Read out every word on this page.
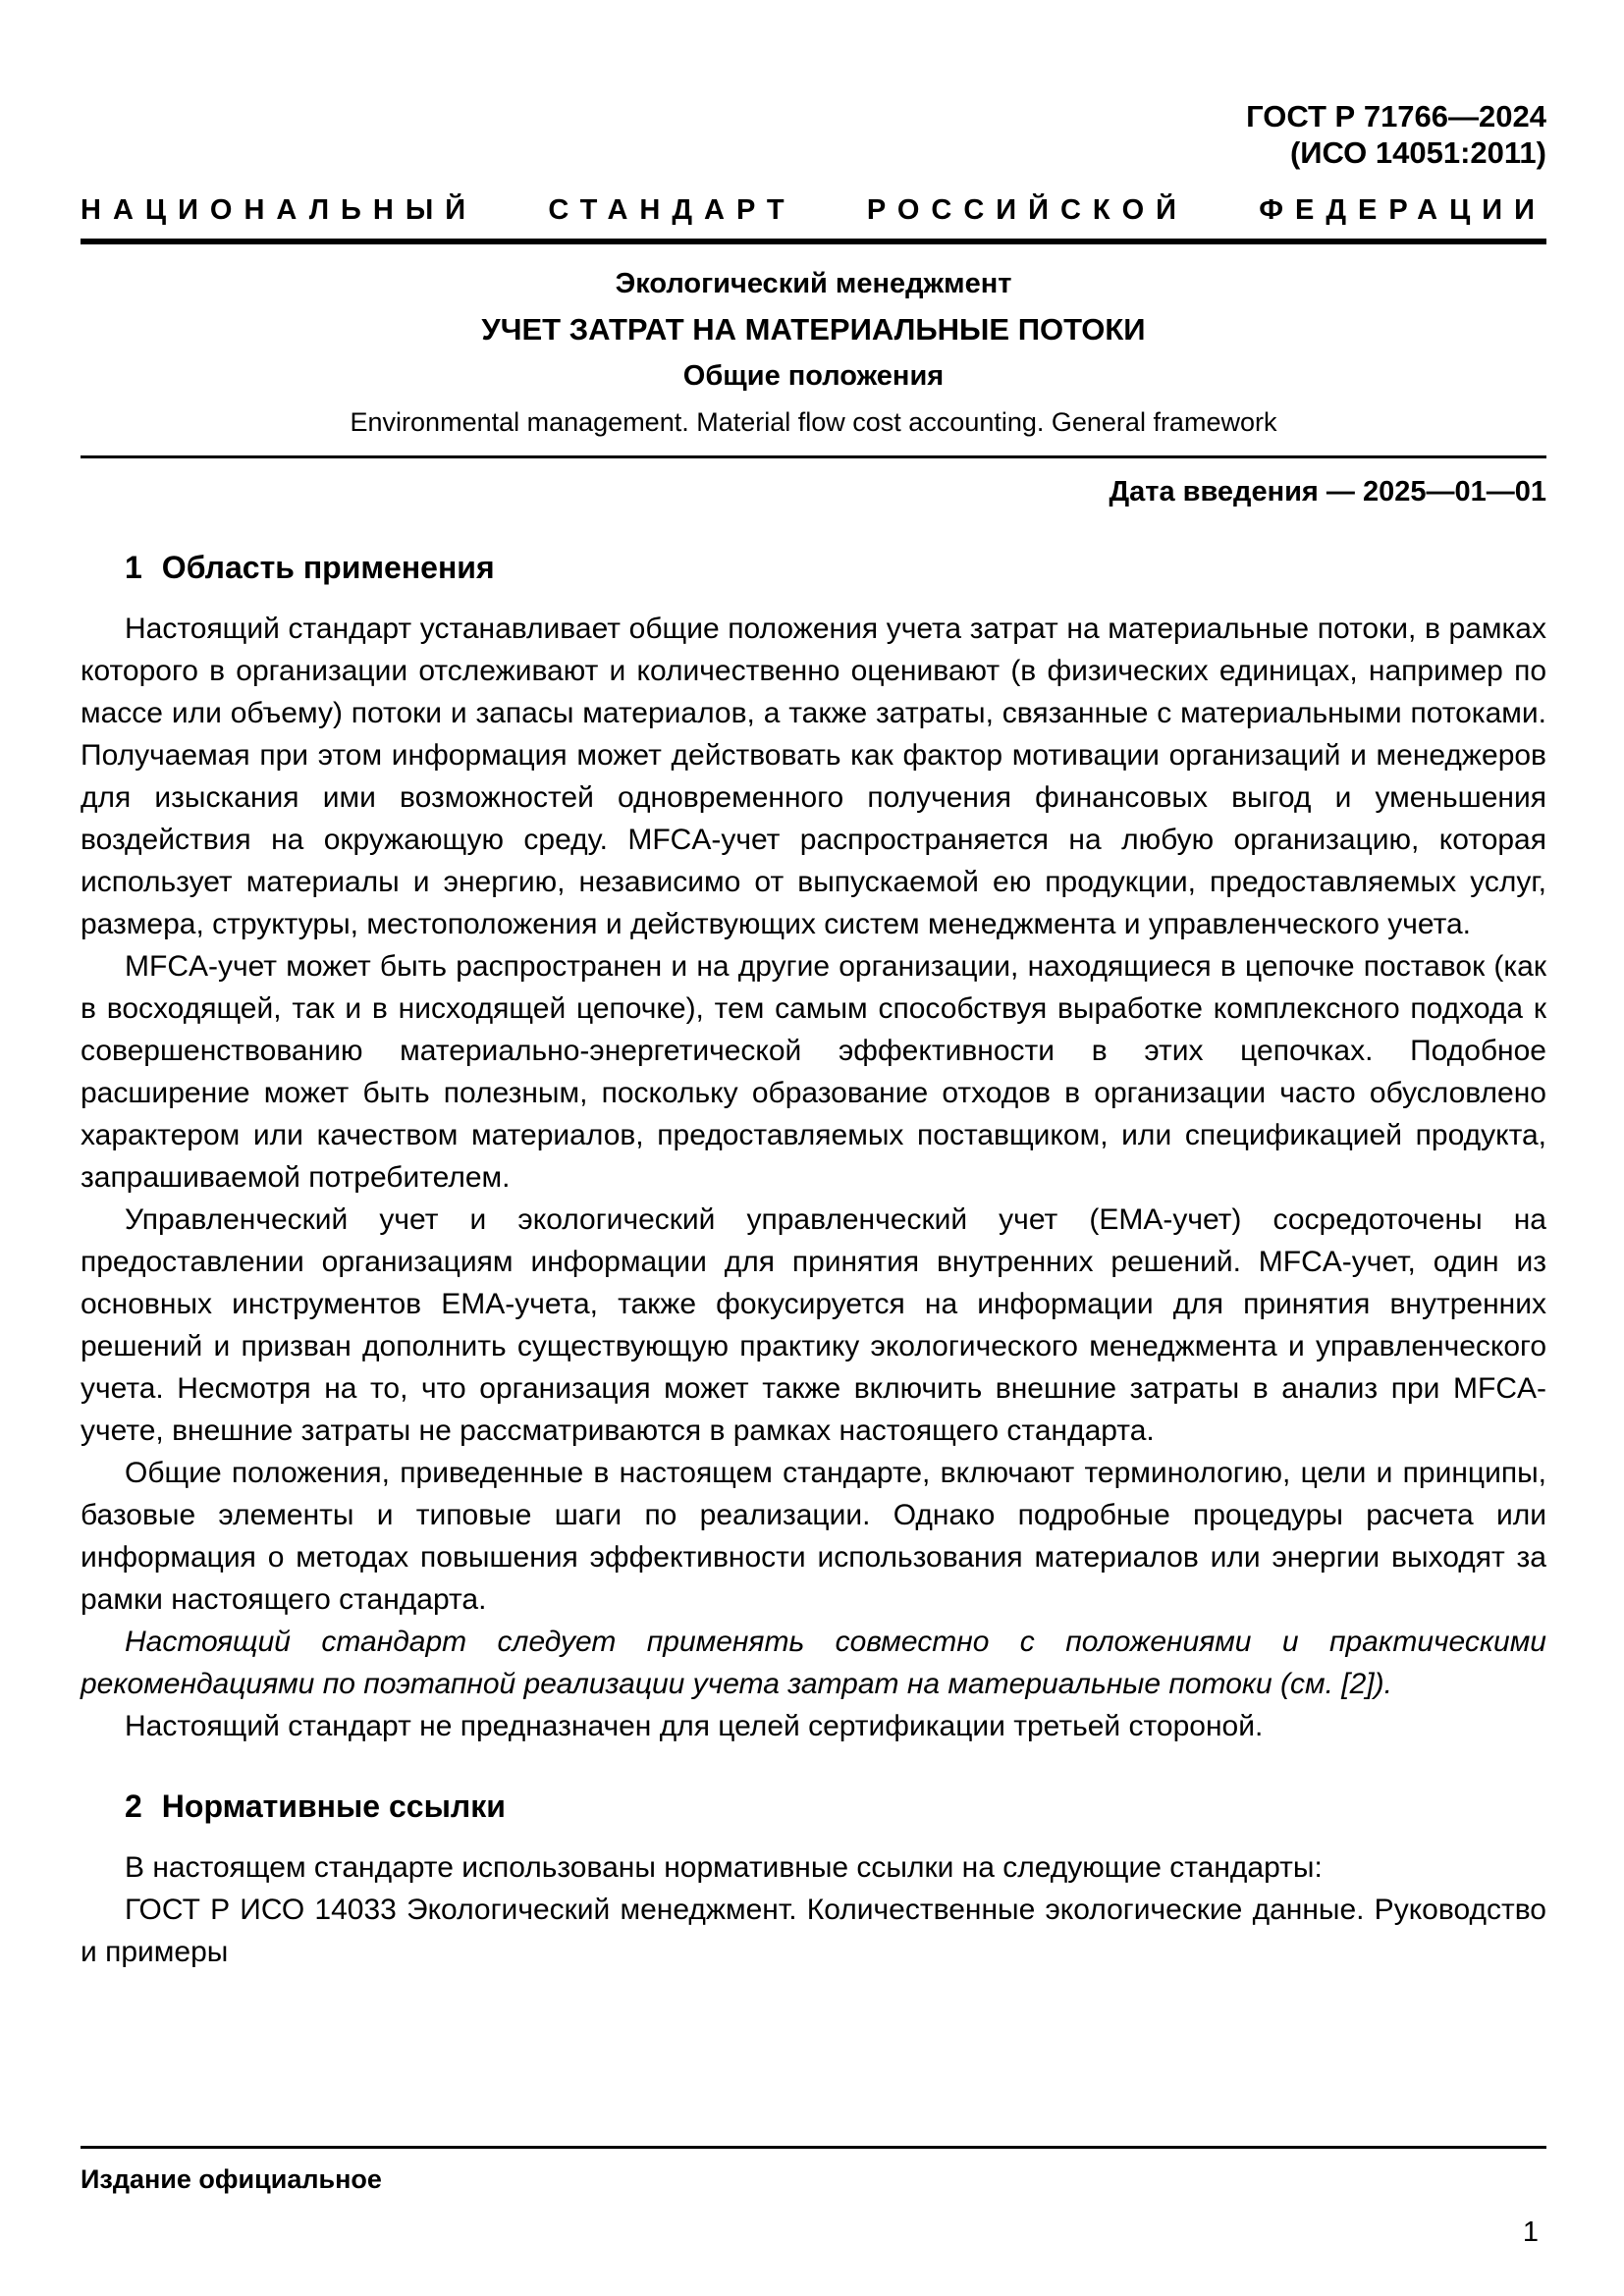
ГОСТ Р 71766—2024
(ИСО 14051:2011)
НАЦИОНАЛЬНЫЙ СТАНДАРТ РОССИЙСКОЙ ФЕДЕРАЦИИ
Экологический менеджмент
УЧЕТ ЗАТРАТ НА МАТЕРИАЛЬНЫЕ ПОТОКИ
Общие положения
Environmental management. Material flow cost accounting. General framework
Дата введения — 2025—01—01
1 Область применения

Настоящий стандарт устанавливает общие положения учета затрат на материальные потоки, в рамках которого в организации отслеживают и количественно оценивают (в физических единицах, например по массе или объему) потоки и запасы материалов, а также затраты, связанные с материальными потоками. Получаемая при этом информация может действовать как фактор мотивации организаций и менеджеров для изыскания ими возможностей одновременного получения финансовых выгод и уменьшения воздействия на окружающую среду. MFCA-учет распространяется на любую организацию, которая использует материалы и энергию, независимо от выпускаемой ею продукции, предоставляемых услуг, размера, структуры, местоположения и действующих систем менеджмента и управленческого учета.

MFCA-учет может быть распространен и на другие организации, находящиеся в цепочке поставок (как в восходящей, так и в нисходящей цепочке), тем самым способствуя выработке комплексного подхода к совершенствованию материально-энергетической эффективности в этих цепочках. Подобное расширение может быть полезным, поскольку образование отходов в организации часто обусловлено характером или качеством материалов, предоставляемых поставщиком, или спецификацией продукта, запрашиваемой потребителем.

Управленческий учет и экологический управленческий учет (EMA-учет) сосредоточены на предоставлении организациям информации для принятия внутренних решений. MFCA-учет, один из основных инструментов EMA-учета, также фокусируется на информации для принятия внутренних решений и призван дополнить существующую практику экологического менеджмента и управленческого учета. Несмотря на то, что организация может также включить внешние затраты в анализ при MFCA-учете, внешние затраты не рассматриваются в рамках настоящего стандарта.

Общие положения, приведенные в настоящем стандарте, включают терминологию, цели и принципы, базовые элементы и типовые шаги по реализации. Однако подробные процедуры расчета или информация о методах повышения эффективности использования материалов или энергии выходят за рамки настоящего стандарта.

Настоящий стандарт следует применять совместно с положениями и практическими рекомендациями по поэтапной реализации учета затрат на материальные потоки (см. [2]).

Настоящий стандарт не предназначен для целей сертификации третьей стороной.

2 Нормативные ссылки

В настоящем стандарте использованы нормативные ссылки на следующие стандарты:

ГОСТ Р ИСО 14033 Экологический менеджмент. Количественные экологические данные. Руководство и примеры

Издание официальное
1
